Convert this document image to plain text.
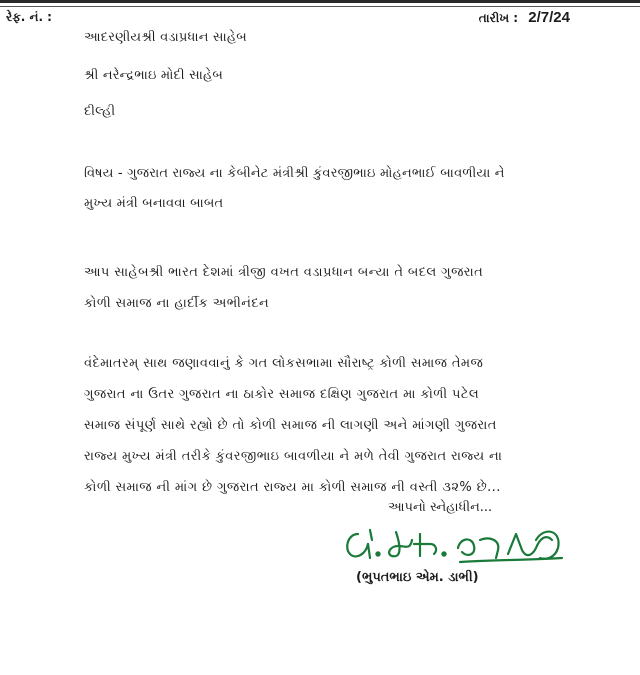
રેફ. નં. :	તારીખ : 2/7/24
આદરણીયશ્રી વડાપ્રધાન સાહેબ
શ્રી નરેન્દ્રભાઇ મોદી સાહેબ
દીલ્હી
વિષય - ગુજરાત રાજ્ય ના કેબીનેટ મંત્રીશ્રી કુંવરજીભાઇ મોહનભાઈ બાવળીયા ને
મુખ્ય મંત્રી બનાવવા બાબત
આપ સાહેબશ્રી ભારત દેશમાં ત્રીજી વખત વડાપ્રધાન બન્યા તે બદલ ગુજરાત
કોળી સમાજ ના હાર્દીક અભીનંદન
વંદેમાતરમ્ સાથ જણાવવાનું કે ગત લોકસભામા સૌરાષ્ટ્ર કોળી સમાજ તેમજ
ગુજરાત ના ઉતર ગુજરાત ના ઠાકોર સમાજ દક્ષિણ ગુજરાત મા કોળી પટેલ
સમાજ સંપૂર્ણ સાથે રહ્યો છે તો કોળી સમાજ ની લાગણી અને માંગણી ગુજરાત
રાજ્ય મુખ્ય મંત્રી તરીકે કુંવરજીભાઇ બાવળીયા ને મળે તેવી ગુજરાત રાજ્ય ના
કોળી સમાજ ની માંગ છે ગુજરાત રાજ્ય મા કોળી સમાજ ની વસ્તી ૩૨% છે...
આપનો સ્નેહાધીન...
(ભુપતભાઇ એમ. ડાભી)
